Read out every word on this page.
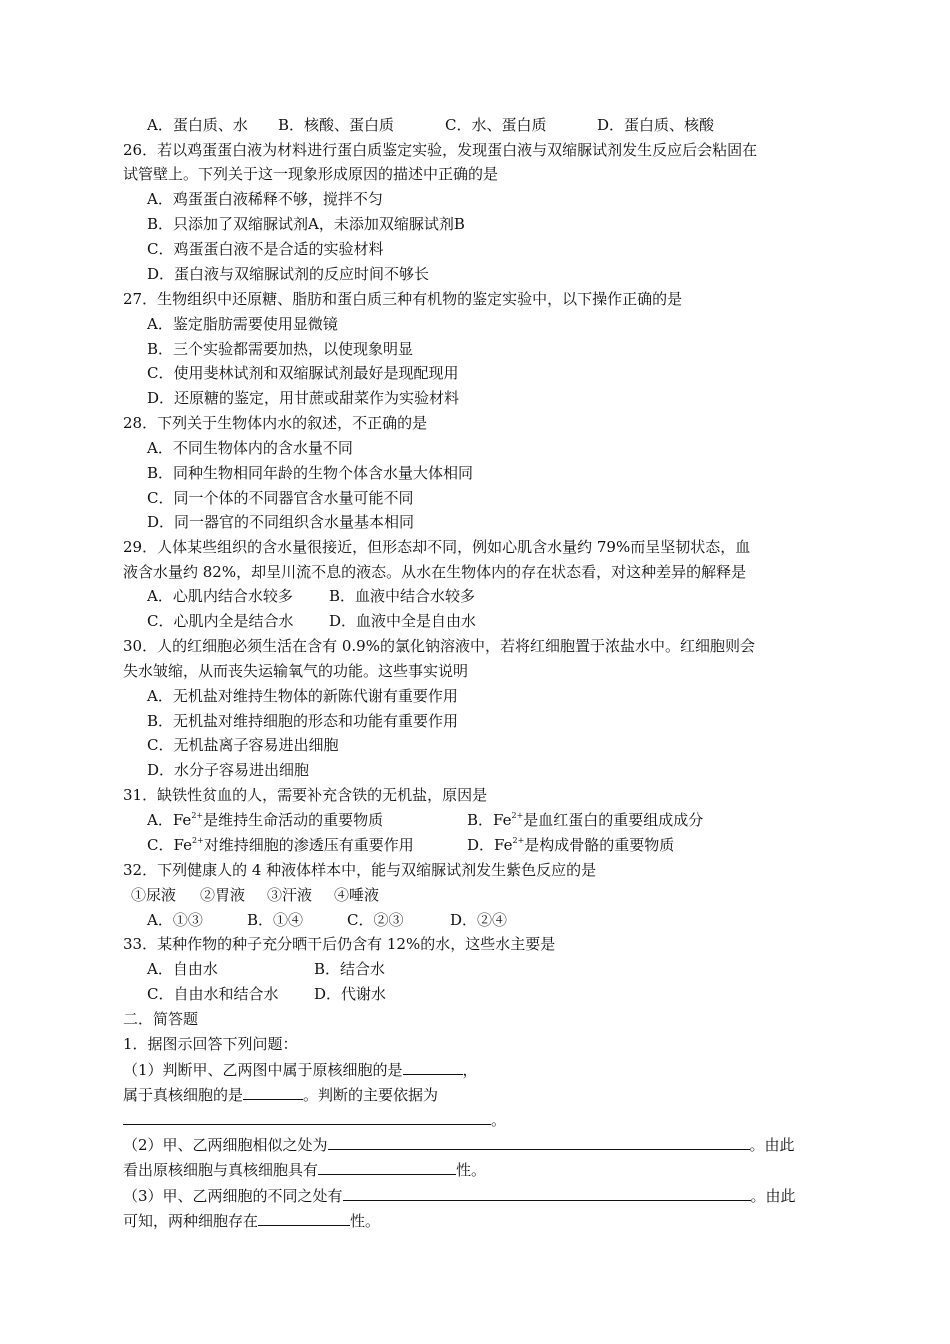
A．蛋白质、水 B．核酸、蛋白质	C．水、蛋白质	D．蛋白质、核酸
26．若以鸡蛋蛋白液为材料进行蛋白质鉴定实验，发现蛋白液与双缩脲试剂发生反应后会粘固在
试管壁上。下列关于这一现象形成原因的描述中正确的是
A．鸡蛋蛋白液稀释不够，搅拌不匀
B．只添加了双缩脲试剂A，未添加双缩脲试剂B
C．鸡蛋蛋白液不是合适的实验材料
D．蛋白液与双缩脲试剂的反应时间不够长
27．生物组织中还原糖、脂肪和蛋白质三种有机物的鉴定实验中，以下操作正确的是
A．鉴定脂肪需要使用显微镜
B．三个实验都需要加热，以使现象明显
C．使用斐林试剂和双缩脲试剂最好是现配现用
D．还原糖的鉴定，用甘蔗或甜菜作为实验材料
28．下列关于生物体内水的叙述，不正确的是
A．不同生物体内的含水量不同
B．同种生物相同年龄的生物个体含水量大体相同
C．同一个体的不同器官含水量可能不同
D．同一器官的不同组织含水量基本相同
29．人体某些组织的含水量很接近，但形态却不同，例如心肌含水量约 79%而呈坚韧状态，血
液含水量约 82%，却呈川流不息的液态。从水在生物体内的存在状态看，对这种差异的解释是
A．心肌内结合水较多 B．血液中结合水较多
C．心肌内全是结合水 D．血液中全是自由水
30．人的红细胞必须生活在含有 0.9%的氯化钠溶液中，若将红细胞置于浓盐水中。红细胞则会
失水皱缩，从而丧失运输氧气的功能。这些事实说明
A．无机盐对维持生物体的新陈代谢有重要作用
B．无机盐对维持细胞的形态和功能有重要作用
C．无机盐离子容易进出细胞
D．水分子容易进出细胞
31．缺铁性贫血的人，需要补充含铁的无机盐，原因是
A．$Fe^{2+}$是维持生命活动的重要物质	B．$Fe^{2+}$是血红蛋白的重要组成成分
C．$Fe^{2+}$对维持细胞的渗透压有重要作用	D．$Fe^{2+}$是构成骨骼的重要物质
32．下列健康人的 4 种液体样本中，能与双缩脲试剂发生紫色反应的是
①尿液 ②胃液 ③汗液 ④唾液
A．①③	B．①④	C．②③	D．②④
33．某种作物的种子充分晒干后仍含有 12%的水，这些水主要是
A．自由水	B．结合水
C．自由水和结合水 D．代谢水
二．简答题
1．据图示回答下列问题：
（1）判断甲、乙两图中属于原核细胞的是	，
属于真核细胞的是	。判断的主要依据为
。
（2）甲、乙两细胞相似之处为	。由此
看出原核细胞与真核细胞具有	性。
（3）甲、乙两细胞的不同之处有	。由此
可知，两种细胞存在	性。
